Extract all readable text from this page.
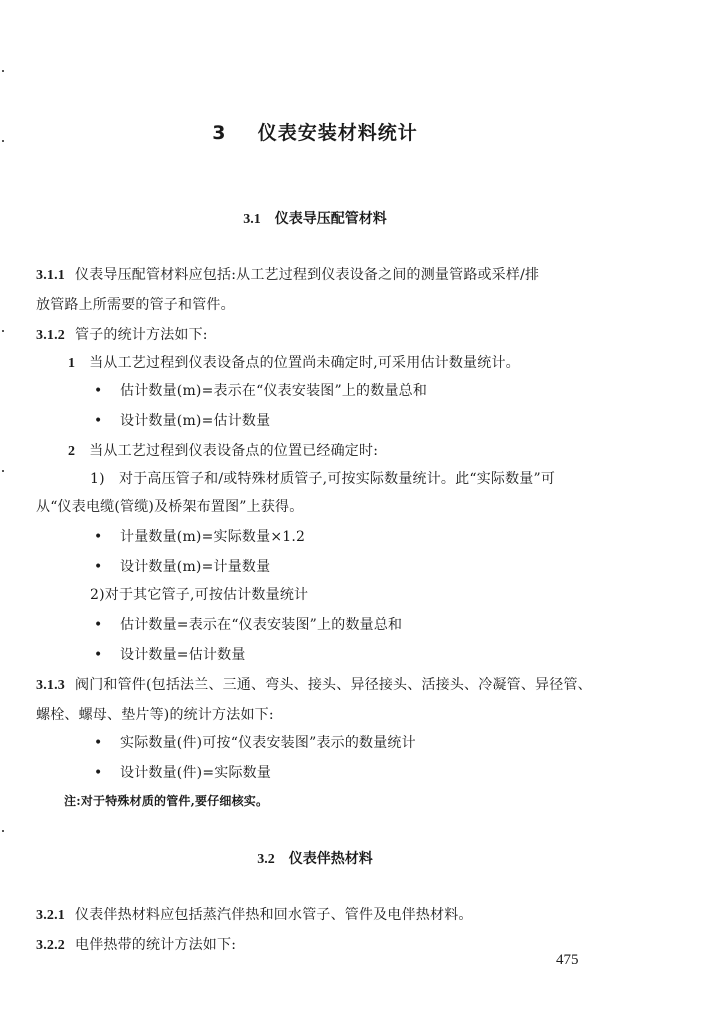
3 仪表安装材料统计
3.1 仪表导压配管材料
3.1.1 仪表导压配管材料应包括:从工艺过程到仪表设备之间的测量管路或采样/排
放管路上所需要的管子和管件。
3.1.2 管子的统计方法如下:
1 当从工艺过程到仪表设备点的位置尚未确定时,可采用估计数量统计。
• 估计数量(m)=表示在“仪表安装图”上的数量总和
• 设计数量(m)=估计数量
2 当从工艺过程到仪表设备点的位置已经确定时:
1)　对于高压管子和/或特殊材质管子,可按实际数量统计。此“实际数量”可
从“仪表电缆(管缆)及桥架布置图”上获得。
• 计量数量(m)=实际数量×1.2
• 设计数量(m)=计量数量
2)对于其它管子,可按估计数量统计
• 估计数量=表示在“仪表安装图”上的数量总和
• 设计数量=估计数量
3.1.3 阀门和管件(包括法兰、三通、弯头、接头、异径接头、活接头、冷凝管、异径管、
螺栓、螺母、垫片等)的统计方法如下:
• 实际数量(件)可按“仪表安装图”表示的数量统计
• 设计数量(件)=实际数量
注:对于特殊材质的管件,要仔细核实。
3.2 仪表伴热材料
3.2.1 仪表伴热材料应包括蒸汽伴热和回水管子、管件及电伴热材料。
3.2.2 电伴热带的统计方法如下:
475
